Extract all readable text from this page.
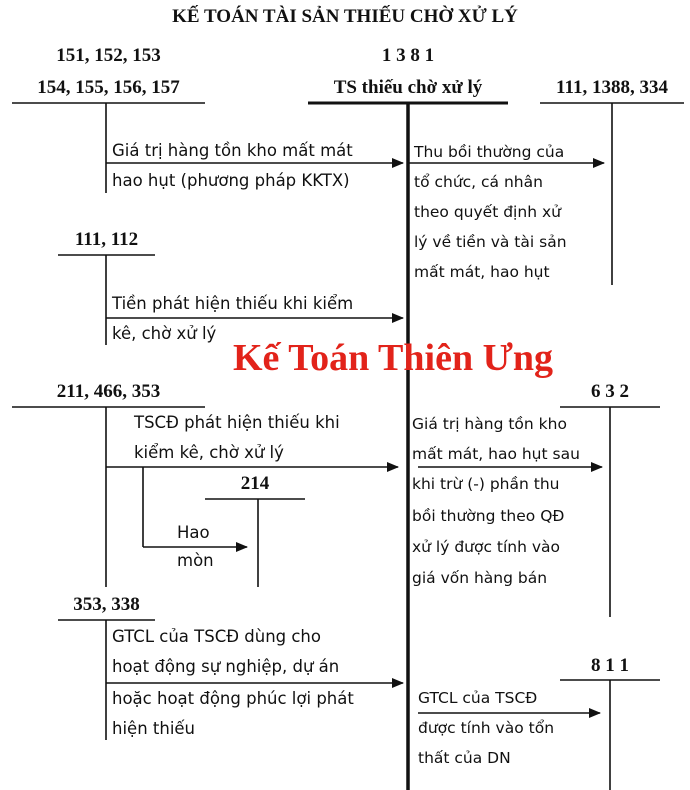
KẾ TOÁN TÀI SẢN THIẾU CHỜ XỬ LÝ
1 3 8 1
TS thiếu chờ xử lý
151, 152, 153
154, 155, 156, 157
Giá trị hàng tồn kho mất mát
hao hụt (phương pháp KKTX)
111, 1388, 334
Thu bồi thường của
tổ chức, cá nhân
theo quyết định xử
lý về tiền và tài sản
mất mát, hao hụt
111, 112
Tiền phát hiện thiếu khi kiểm
kê, chờ xử lý
Kế Toán Thiên Ưng
211, 466, 353
TSCĐ phát hiện thiếu khi
kiểm kê, chờ xử lý
214
Hao
mòn
6 3 2
Giá trị hàng tồn kho
mất mát, hao hụt sau
khi trừ (-) phần thu
bồi thường theo QĐ
xử lý được tính vào
giá vốn hàng bán
353, 338
GTCL của TSCĐ dùng cho
hoạt động sự nghiệp, dự án
hoặc hoạt động phúc lợi phát
hiện thiếu
8 1 1
GTCL của TSCĐ
được tính vào tổn
thất của DN
